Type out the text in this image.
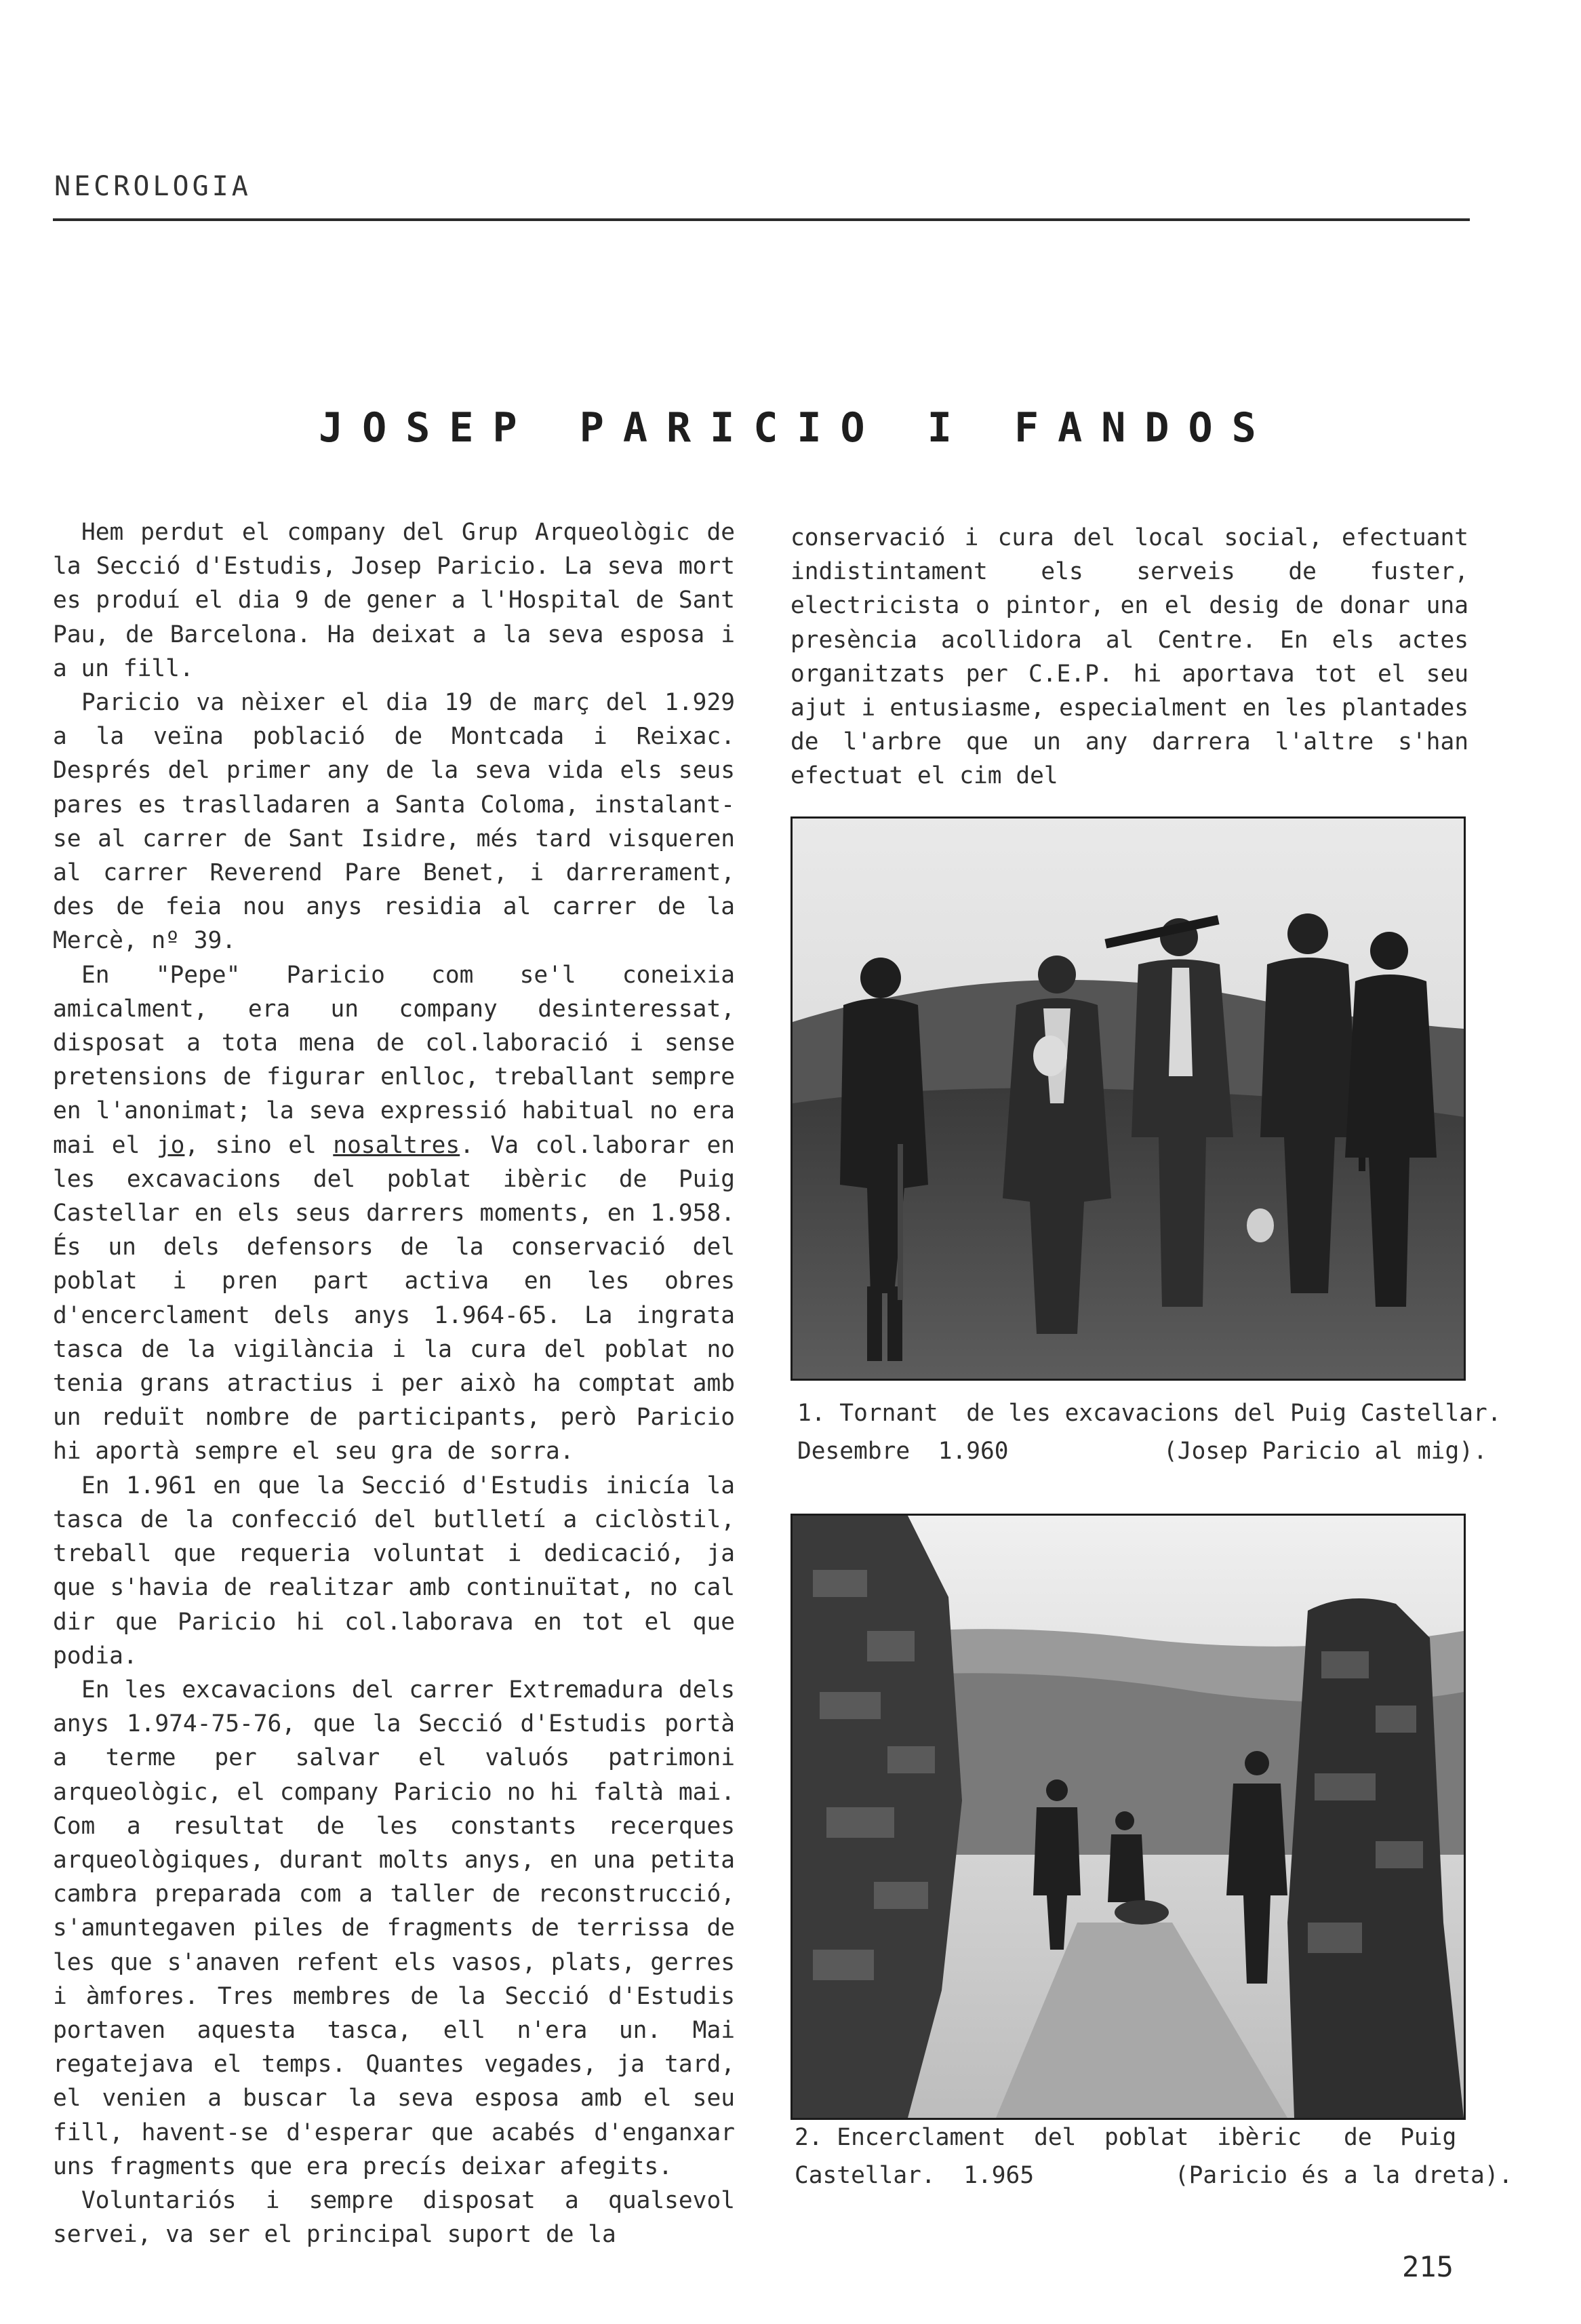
NECROLOGIA
JOSEP PARICIO I FANDOS

Hem perdut el company del Grup Arqueològic de la Secció d'Estudis, Josep Paricio. La seva mort es produí el dia 9 de gener a l'Hospital de Sant Pau, de Barcelona. Ha deixat a la seva esposa i a un fill.

Paricio va nèixer el dia 19 de març del 1.929 a la veïna població de Montcada i Reixac. Després del primer any de la seva vida els seus pares es traslladaren a Santa Coloma, instalant-se al carrer de Sant Isidre, més tard visqueren al carrer Reverend Pare Benet, i darrerament, des de feia nou anys residia al carrer de la Mercè, nº 39.

En "Pepe" Paricio com se'l coneixia amicalment, era un company desinteressat, disposat a tota mena de col.laboració i sense pretensions de figurar enlloc, treballant sempre en l'anonimat; la seva expressió habitual no era mai el jo, sino el nosaltres. Va col.laborar en les excavacions del poblat ibèric de Puig Castellar en els seus darrers moments, en 1.958. És un dels defensors de la conservació del poblat i pren part activa en les obres d'encerclament dels anys 1.964-65. La ingrata tasca de la vigilància i la cura del poblat no tenia grans atractius i per això ha comptat amb un reduït nombre de participants, però Paricio hi aportà sempre el seu gra de sorra.

En 1.961 en que la Secció d'Estudis inicía la tasca de la confecció del butlletí a ciclòstil, treball que requeria voluntat i dedicació, ja que s'havia de realitzar amb continuïtat, no cal dir que Paricio hi col.laborava en tot el que podia.

En les excavacions del carrer Extremadura dels anys 1.974-75-76, que la Secció d'Estudis portà a terme per salvar el valuós patrimoni arqueològic, el company Paricio no hi faltà mai. Com a resultat de les constants recerques arqueològiques, durant molts anys, en una petita cambra preparada com a taller de reconstrucció, s'amuntegaven piles de fragments de terrissa de les que s'anaven refent els vasos, plats, gerres i àmfores. Tres membres de la Secció d'Estudis portaven aquesta tasca, ell n'era un. Mai regatejava el temps. Quantes vegades, ja tard, el venien a buscar la seva esposa amb el seu fill, havent-se d'esperar que acabés d'enganxar uns fragments que era precís deixar afegits.

Voluntariós i sempre disposat a qualsevol servei, va ser el principal suport de la

conservació i cura del local social, efectuant indistintament els serveis de fuster, electricista o pintor, en el desig de donar una presència acollidora al Centre. En els actes organitzats per C.E.P. hi aportava tot el seu ajut i entusiasme, especialment en les plantades de l'arbre que un any darrera l'altre s'han efectuat el cim del
1. Tornant  de les excavacions del Puig Castellar.
Desembre  1.960           (Josep Paricio al mig).
2. Encerclament  del  poblat  ibèric   de  Puig
Castellar.  1.965          (Paricio és a la dreta).
215
